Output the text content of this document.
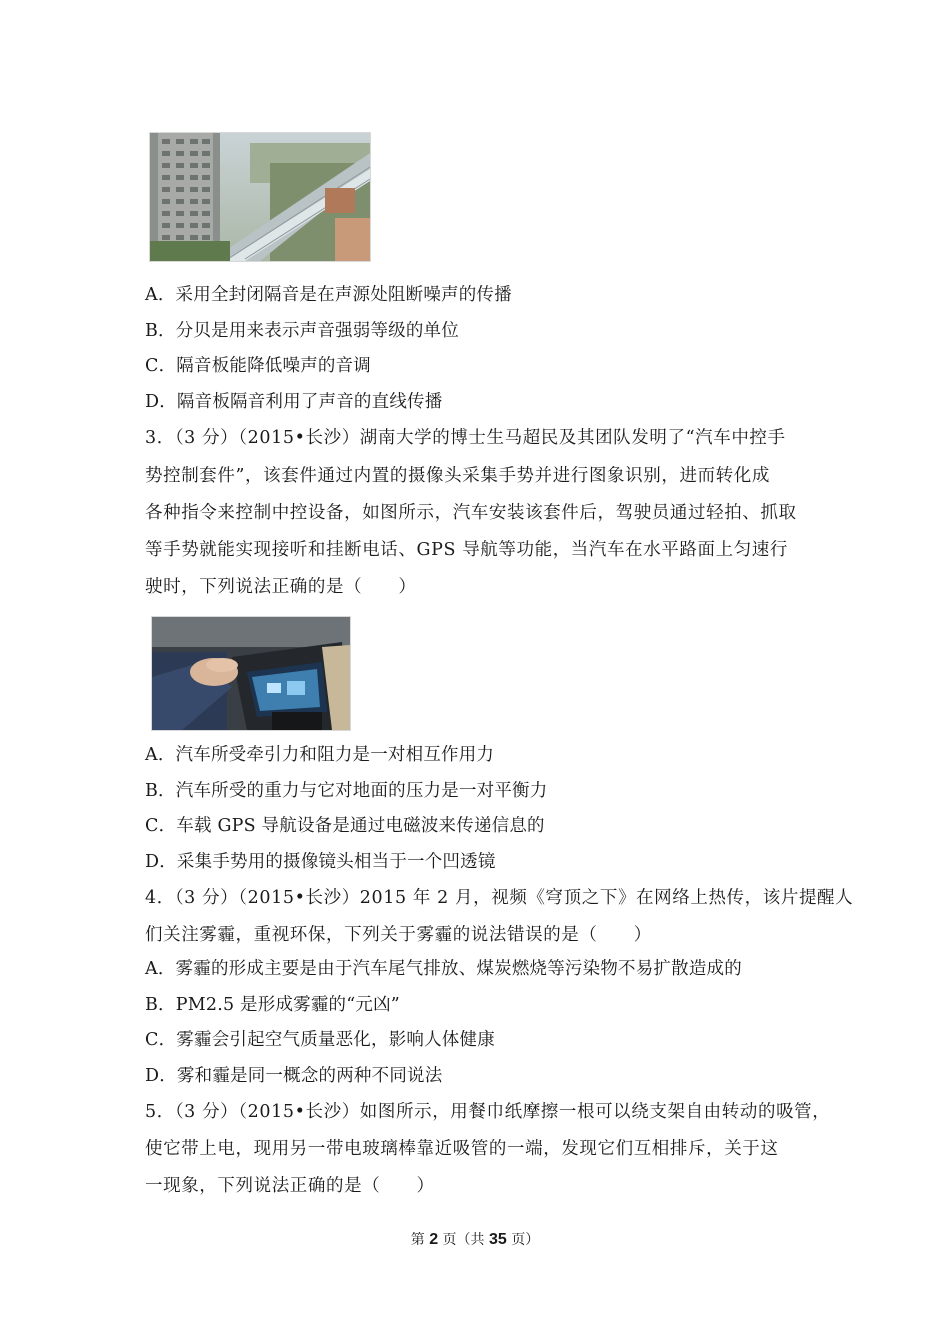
A．采用全封闭隔音是在声源处阻断噪声的传播
B．分贝是用来表示声音强弱等级的单位
C．隔音板能降低噪声的音调
D．隔音板隔音利用了声音的直线传播
3．（3 分）（2015•长沙）湖南大学的博士生马超民及其团队发明了“汽车中控手
势控制套件”，该套件通过内置的摄像头采集手势并进行图象识别，进而转化成
各种指令来控制中控设备，如图所示，汽车安装该套件后，驾驶员通过轻拍、抓取
等手势就能实现接听和挂断电话、GPS 导航等功能，当汽车在水平路面上匀速行
驶时，下列说法正确的是（　　）
A．汽车所受牵引力和阻力是一对相互作用力
B．汽车所受的重力与它对地面的压力是一对平衡力
C．车载 GPS 导航设备是通过电磁波来传递信息的
D．采集手势用的摄像镜头相当于一个凹透镜
4．（3 分）（2015•长沙）2015 年 2 月，视频《穹顶之下》在网络上热传，该片提醒人
们关注雾霾，重视环保，下列关于雾霾的说法错误的是（　　）
A．雾霾的形成主要是由于汽车尾气排放、煤炭燃烧等污染物不易扩散造成的
B．PM2.5 是形成雾霾的“元凶”
C．雾霾会引起空气质量恶化，影响人体健康
D．雾和霾是同一概念的两种不同说法
5．（3 分）（2015•长沙）如图所示，用餐巾纸摩擦一根可以绕支架自由转动的吸管，
使它带上电，现用另一带电玻璃棒靠近吸管的一端，发现它们互相排斥，关于这
一现象，下列说法正确的是（　　）
第 2 页（共 35 页）
